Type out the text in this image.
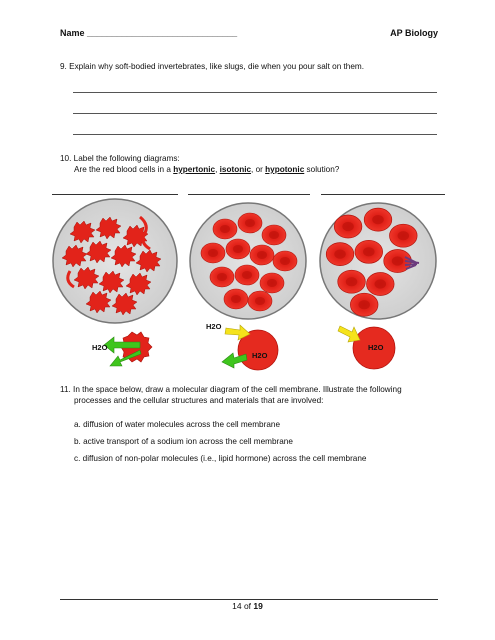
Name ______________________________	AP Biology
9. Explain why soft-bodied invertebrates, like slugs, die when you pour salt on them.
10. Label the following diagrams:
Are the red blood cells in a hypertonic, isotonic, or hypotonic solution?
H2O
H2O
H2O
H2O
11. In the space below, draw a molecular diagram of the cell membrane. Illustrate the following
processes and the cellular structures and materials that are involved:
a. diffusion of water molecules across the cell membrane
b. active transport of a sodium ion across the cell membrane
c. diffusion of non-polar molecules (i.e., lipid hormone) across the cell membrane
14 of 19
